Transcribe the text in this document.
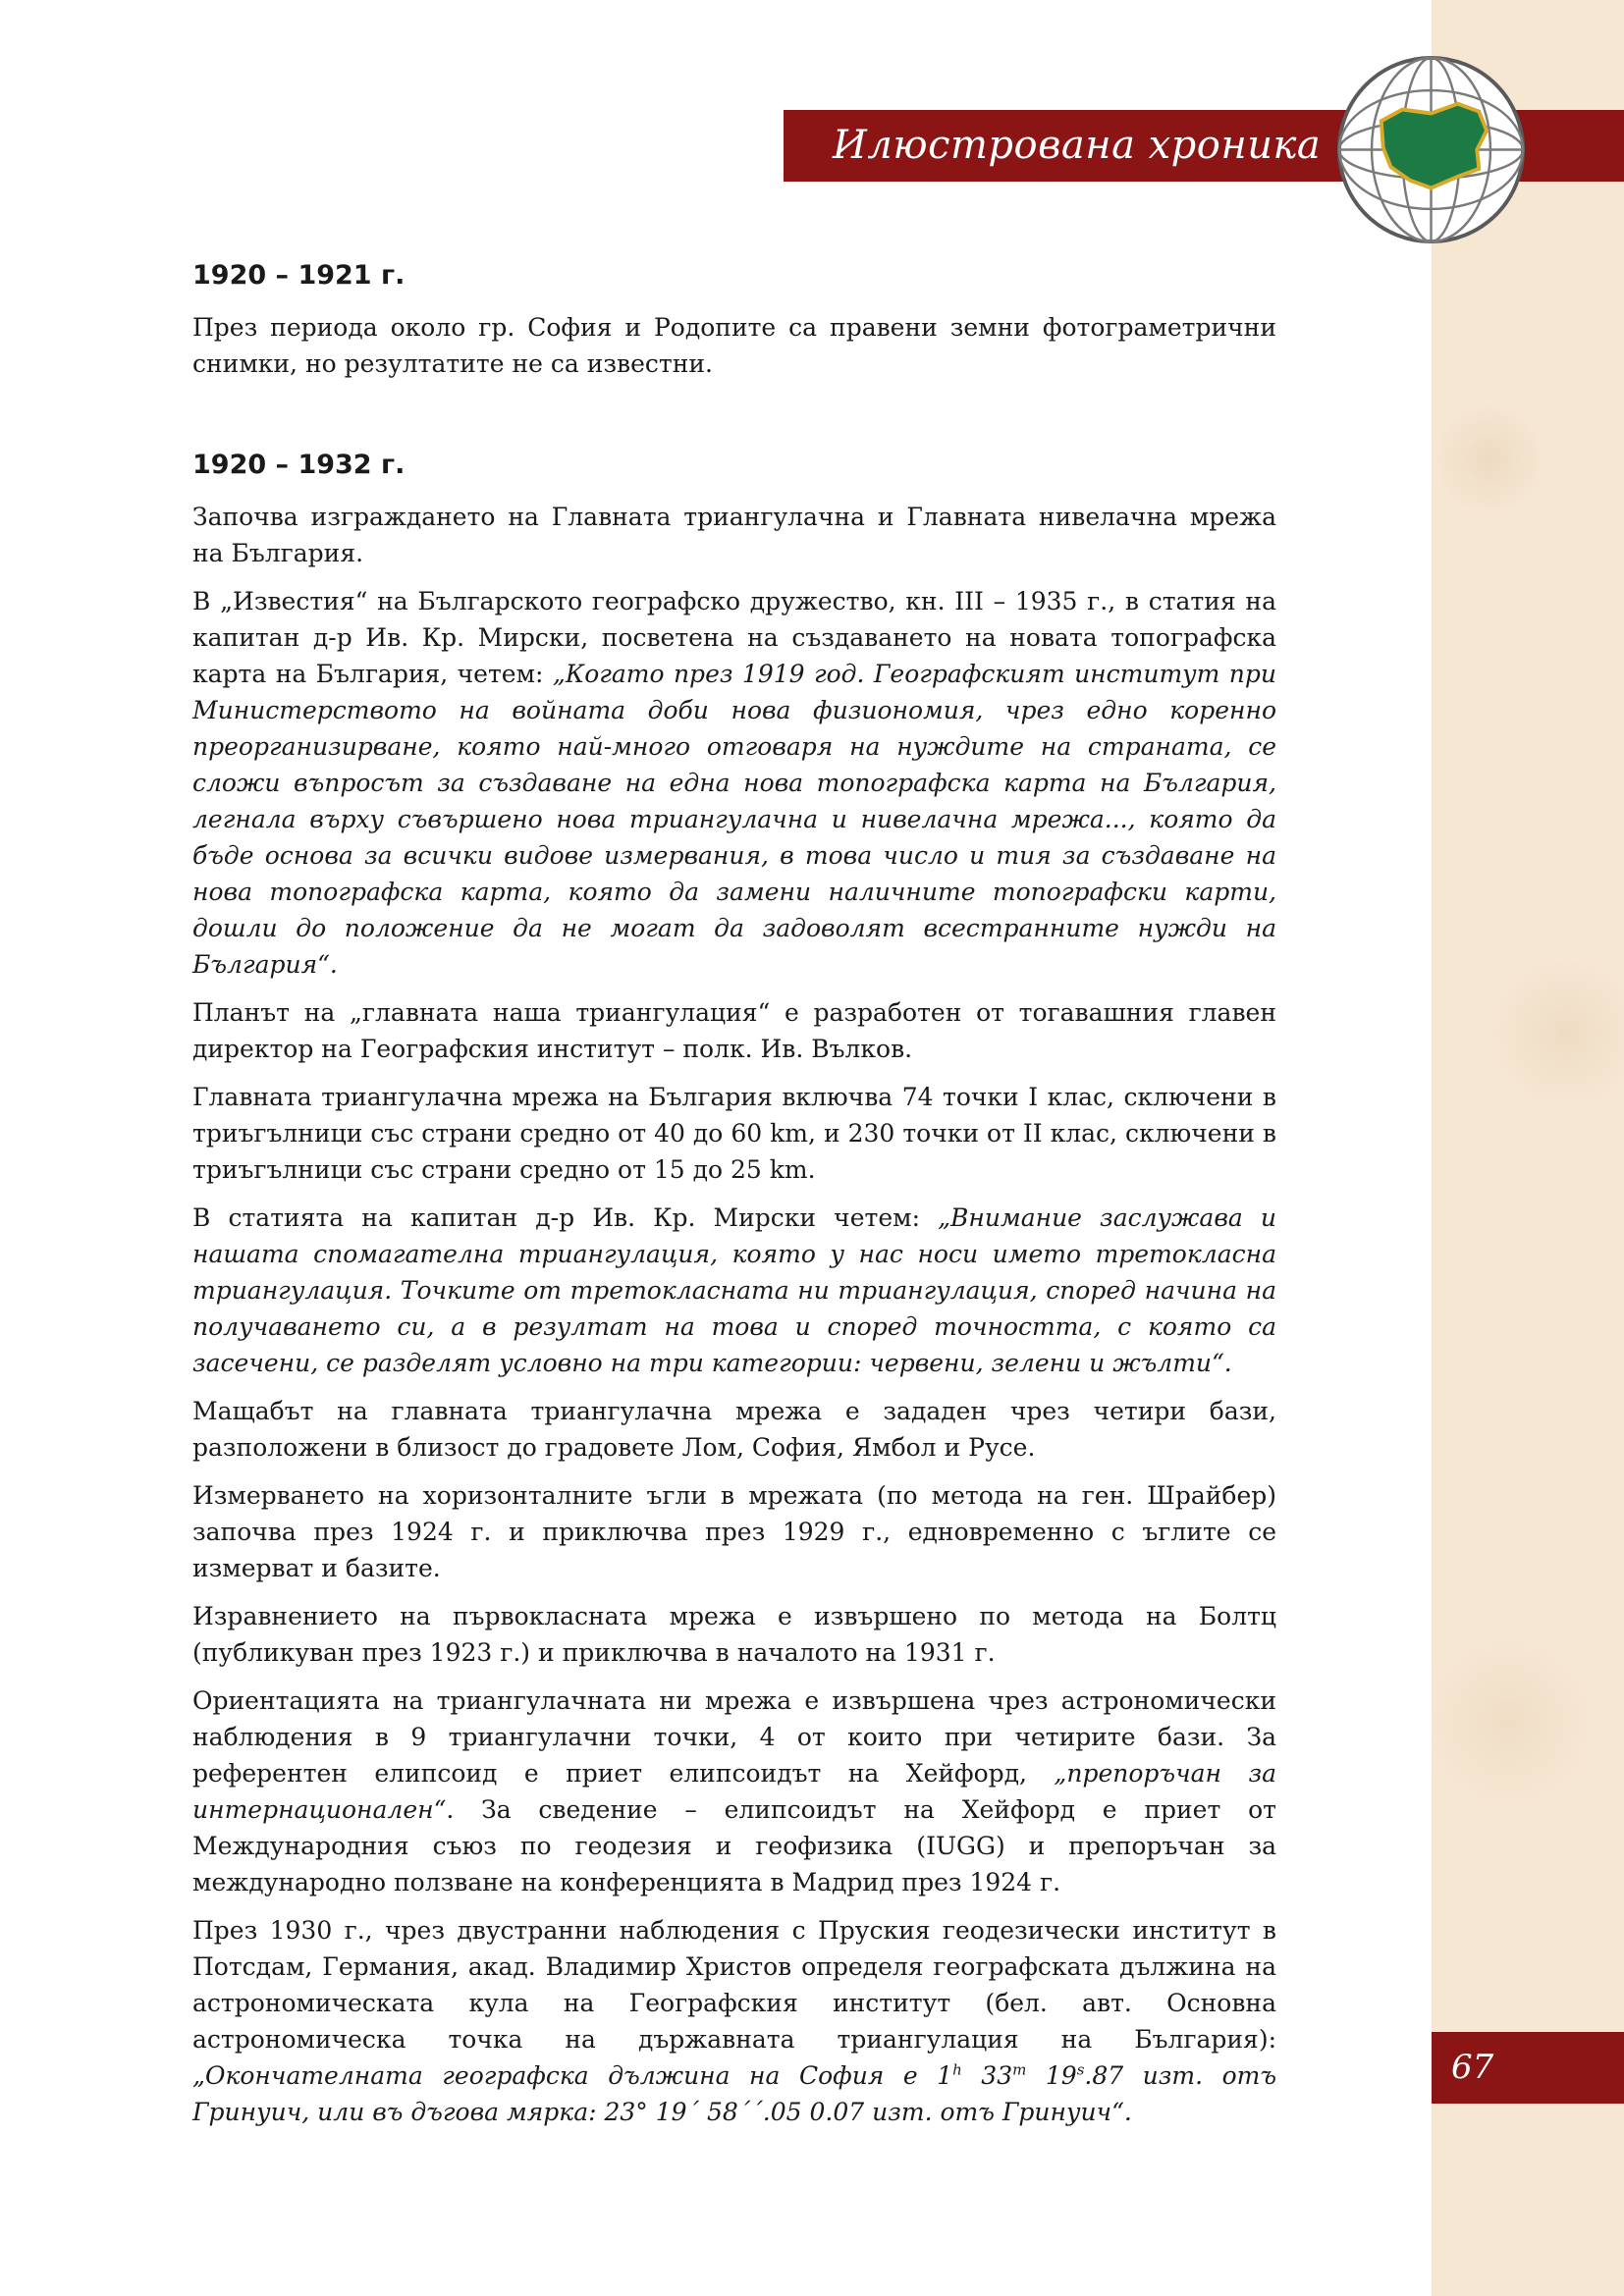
Илюстрована хроника
67
1920 – 1921 г.

През периода около гр. София и Родопите са правени земни фотограметрични снимки, но резултатите не са известни.

1920 – 1932 г.

Започва изграждането на Главната триангулачна и Главната нивелачна мрежа на България.

В „Известия“ на Българското географско дружество, кн. III – 1935 г., в статия на капитан д-р Ив. Кр. Мирски, посветена на създаването на новата топографска карта на България, четем: „Когато през 1919 год. Географският институт при Министерството на войната доби нова физиономия, чрез едно коренно преорганизирване, която най-много отговаря на нуждите на страната, се сложи въпросът за създаване на една нова топографска карта на България, легнала върху съвършено нова триангулачна и нивелачна мрежа..., която да бъде основа за всички видове измервания, в това число и тия за създаване на нова топографска карта, която да замени наличните топографски карти, дошли до положение да не могат да задоволят всестранните нужди на България“.

Планът на „главната наша триангулация“ е разработен от тогавашния главен директор на Географския институт – полк. Ив. Вълков.

Главната триангулачна мрежа на България включва 74 точки I клас, сключени в триъгълници със страни средно от 40 до 60 km, и 230 точки от II клас, сключени в триъгълници със страни средно от 15 до 25 km.

В статията на капитан д-р Ив. Кр. Мирски четем: „Внимание заслужава и нашата спомагателна триангулация, която у нас носи името третокласна триангулация. Точките от третокласната ни триангулация, според начина на получаването си, а в резултат на това и според точността, с която са засечени, се разделят условно на три категории: червени, зелени и жълти“.

Мащабът на главната триангулачна мрежа е зададен чрез четири бази, разположени в близост до градовете Лом, София, Ямбол и Русе.

Измерването на хоризонталните ъгли в мрежата (по метода на ген. Шрайбер) започва през 1924 г. и приключва през 1929 г., едновременно с ъглите се измерват и базите.

Изравнението на първокласната мрежа е извършено по метода на Болтц (публикуван през 1923 г.) и приключва в началото на 1931 г.

Ориентацията на триангулачната ни мрежа е извършена чрез астрономически наблюдения в 9 триангулачни точки, 4 от които при четирите бази. За референтен елипсоид е приет елипсоидът на Хейфорд, „препоръчан за интернационален“. За сведение – елипсоидът на Хейфорд е приет от Международния съюз по геодезия и геофизика (IUGG) и препоръчан за международно ползване на конференцията в Мадрид през 1924 г.

През 1930 г., чрез двустранни наблюдения с Пруския геодезически институт в Потсдам, Германия, акад. Владимир Христов определя географската дължина на астрономическата кула на Географския институт (бел. авт. Основна астрономическа точка на държавната триангулация на България): „Окончателната географска дължина на София е 1$^h$ 33$^m$ 19$^s$.87 изт. отъ Гринуич, или въ дъгова мярка: 23° 19´ 58´´.05 0.07 изт. отъ Гринуич“.
